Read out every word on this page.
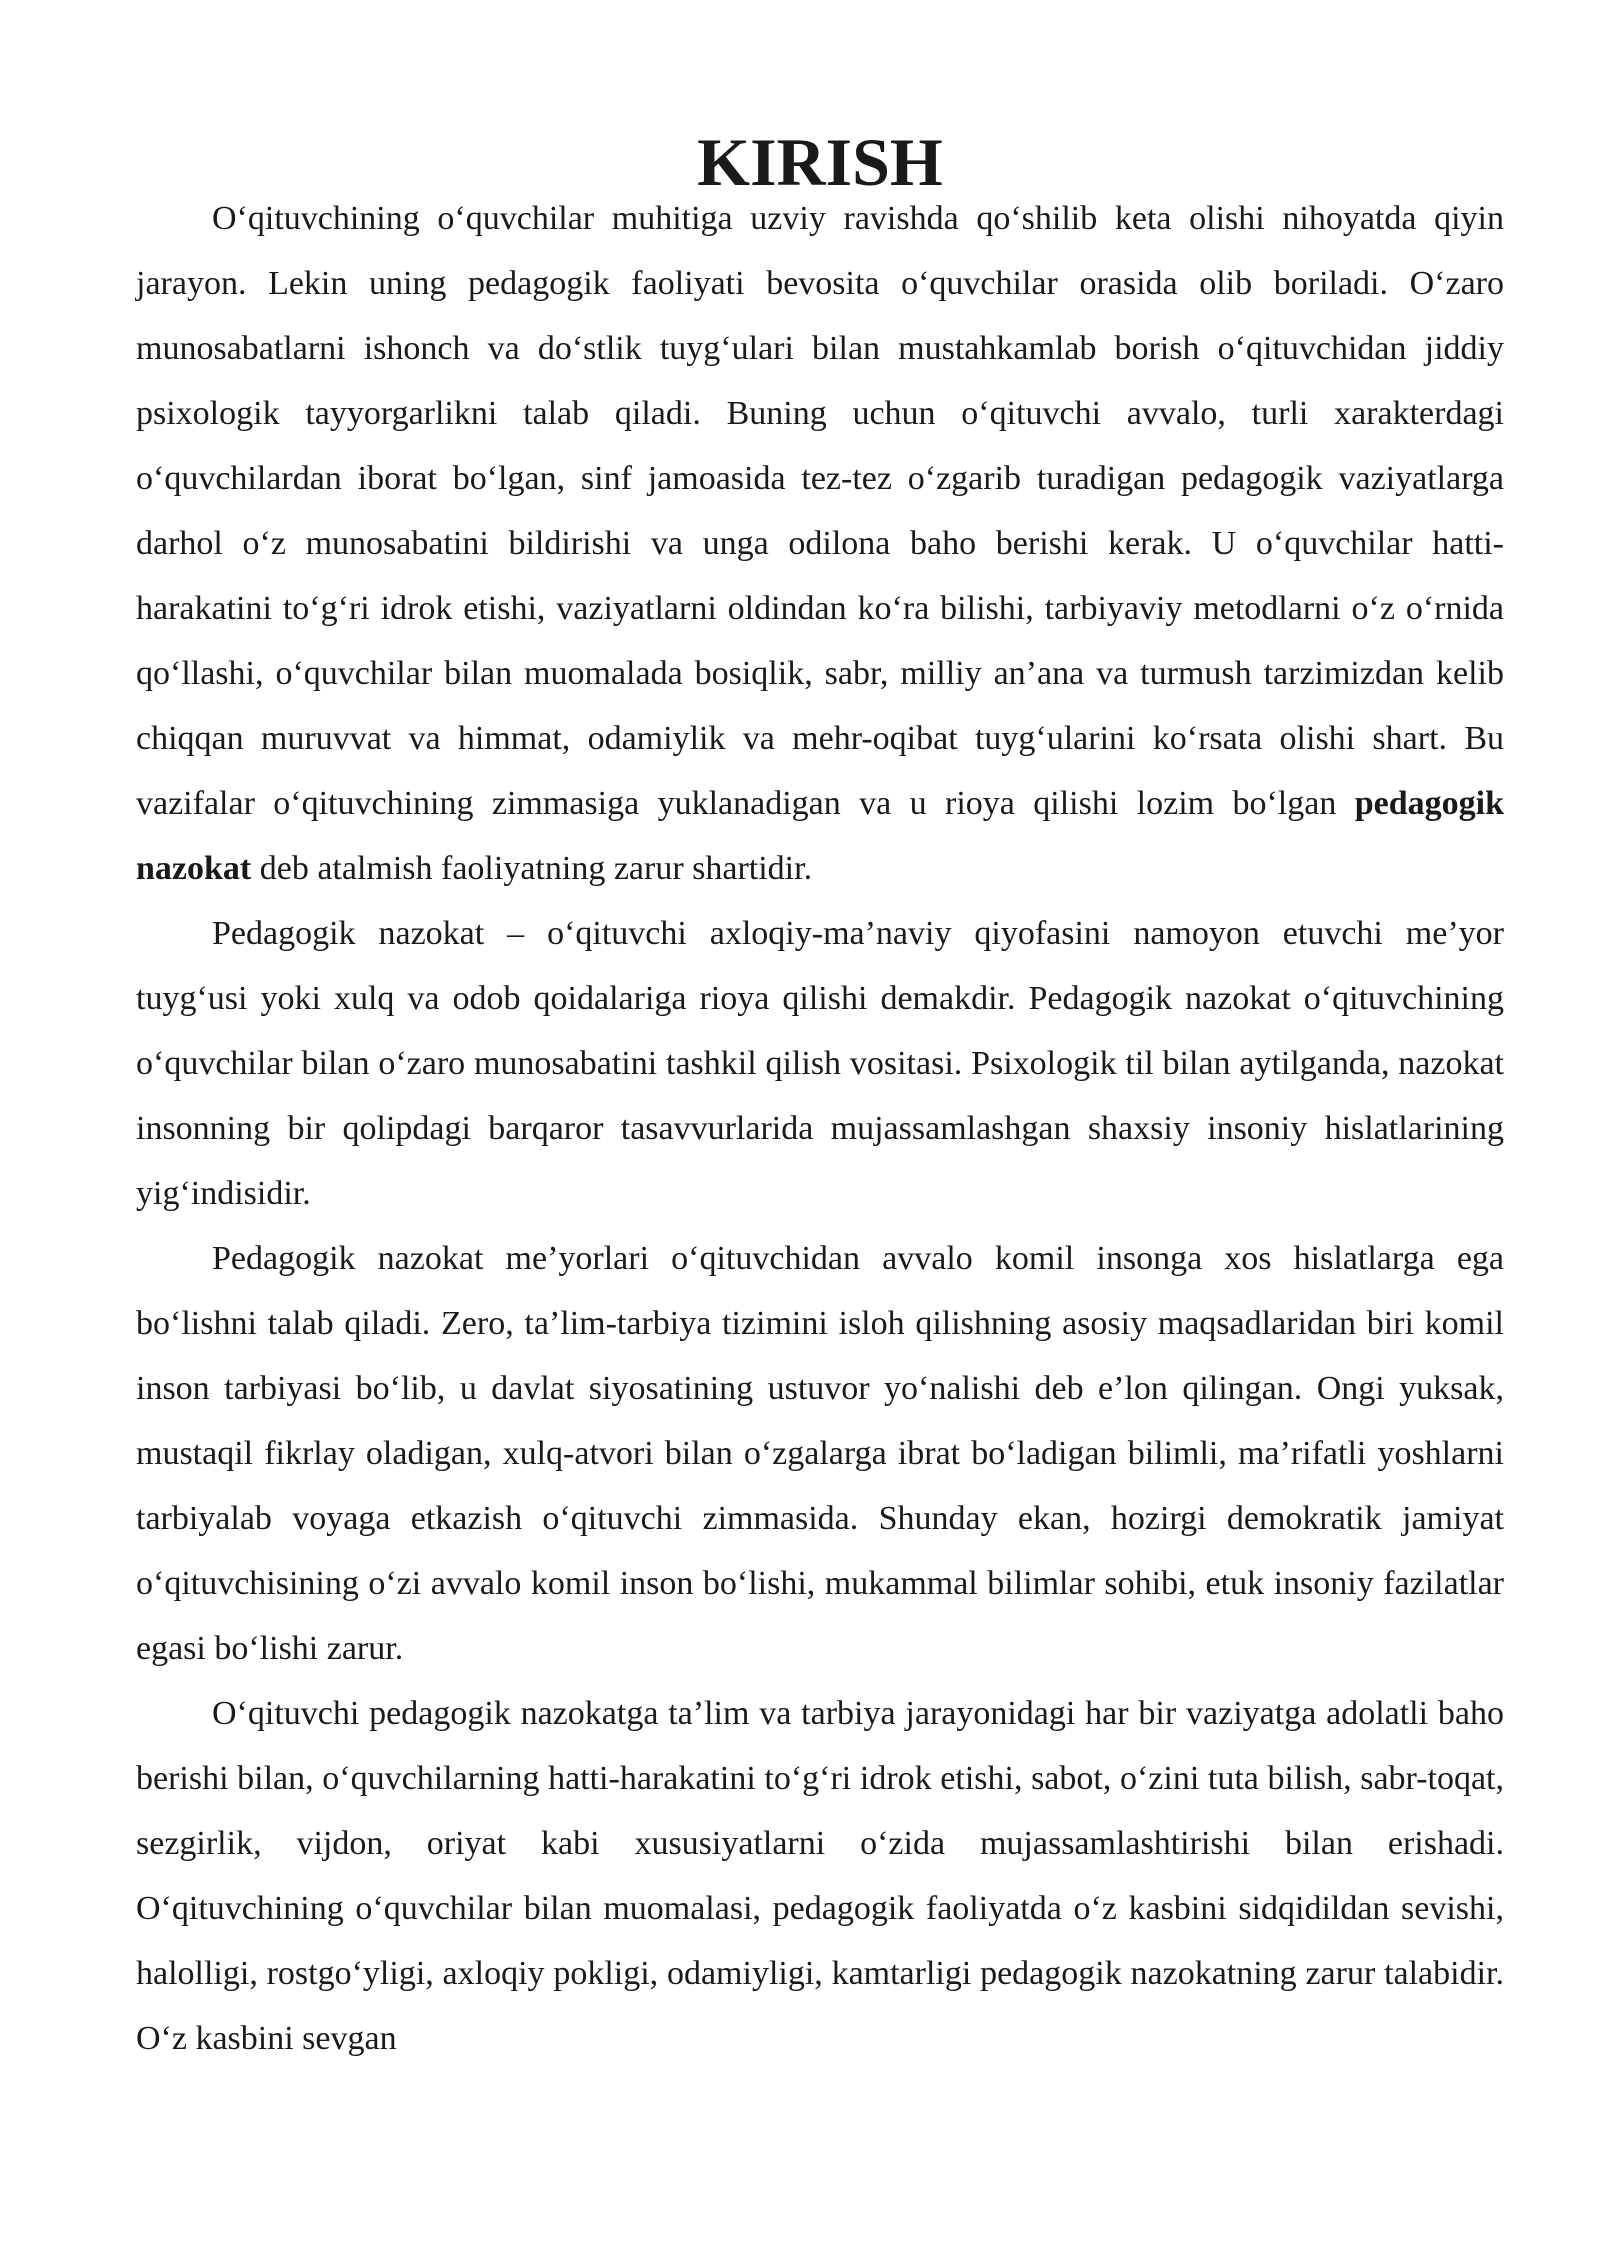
KIRISH

O‘qituvchining o‘quvchilar muhitiga uzviy ravishda qo‘shilib keta olishi nihoyatda qiyin jarayon. Lekin uning pedagogik faoliyati bevosita o‘quvchilar orasida olib boriladi. O‘zaro munosabatlarni ishonch va do‘stlik tuyg‘ulari bilan mustahkamlab borish o‘qituvchidan jiddiy psixologik tayyorgarlikni talab qiladi. Buning uchun o‘qituvchi avvalo, turli xarakterdagi o‘quvchilardan iborat bo‘lgan, sinf jamoasida tez-tez o‘zgarib turadigan pedagogik vaziyatlarga darhol o‘z munosabatini bildirishi va unga odilona baho berishi kerak. U o‘quvchilar hatti-harakatini to‘g‘ri idrok etishi, vaziyatlarni oldindan ko‘ra bilishi, tarbiyaviy metodlarni o‘z o‘rnida qo‘llashi, o‘quvchilar bilan muomalada bosiqlik, sabr, milliy an’ana va turmush tarzimizdan kelib chiqqan muruvvat va himmat, odamiylik va mehr-oqibat tuyg‘ularini ko‘rsata olishi shart. Bu vazifalar o‘qituvchining zimmasiga yuklanadigan va u rioya qilishi lozim bo‘lgan pedagogik nazokat deb atalmish faoliyatning zarur shartidir.

Pedagogik nazokat – o‘qituvchi axloqiy-ma’naviy qiyofasini namoyon etuvchi me’yor tuyg‘usi yoki xulq va odob qoidalariga rioya qilishi demakdir. Pedagogik nazokat o‘qituvchining o‘quvchilar bilan o‘zaro munosabatini tashkil qilish vositasi. Psixologik til bilan aytilganda, nazokat insonning bir qolipdagi barqaror tasavvurlarida mujassamlashgan shaxsiy insoniy hislatlarining yig‘indisidir.

Pedagogik nazokat me’yorlari o‘qituvchidan avvalo komil insonga xos hislatlarga ega bo‘lishni talab qiladi. Zero, ta’lim-tarbiya tizimini isloh qilishning asosiy maqsadlaridan biri komil inson tarbiyasi bo‘lib, u davlat siyosatining ustuvor yo‘nalishi deb e’lon qilingan. Ongi yuksak, mustaqil fikrlay oladigan, xulq-atvori bilan o‘zgalarga ibrat bo‘ladigan bilimli, ma’rifatli yoshlarni tarbiyalab voyaga etkazish o‘qituvchi zimmasida. Shunday ekan, hozirgi demokratik jamiyat o‘qituvchisining o‘zi avvalo komil inson bo‘lishi, mukammal bilimlar sohibi, etuk insoniy fazilatlar egasi bo‘lishi zarur.

O‘qituvchi pedagogik nazokatga ta’lim va tarbiya jarayonidagi har bir vaziyatga adolatli baho berishi bilan, o‘quvchilarning hatti-harakatini to‘g‘ri idrok etishi, sabot, o‘zini tuta bilish, sabr-toqat, sezgirlik, vijdon, oriyat kabi xususiyatlarni o‘zida mujassamlashtirishi bilan erishadi. O‘qituvchining o‘quvchilar bilan muomalasi, pedagogik faoliyatda o‘z kasbini sidqidildan sevishi, halolligi, rostgo‘yligi, axloqiy pokligi, odamiyligi, kamtarligi pedagogik nazokatning zarur talabidir. O‘z kasbini sevgan
